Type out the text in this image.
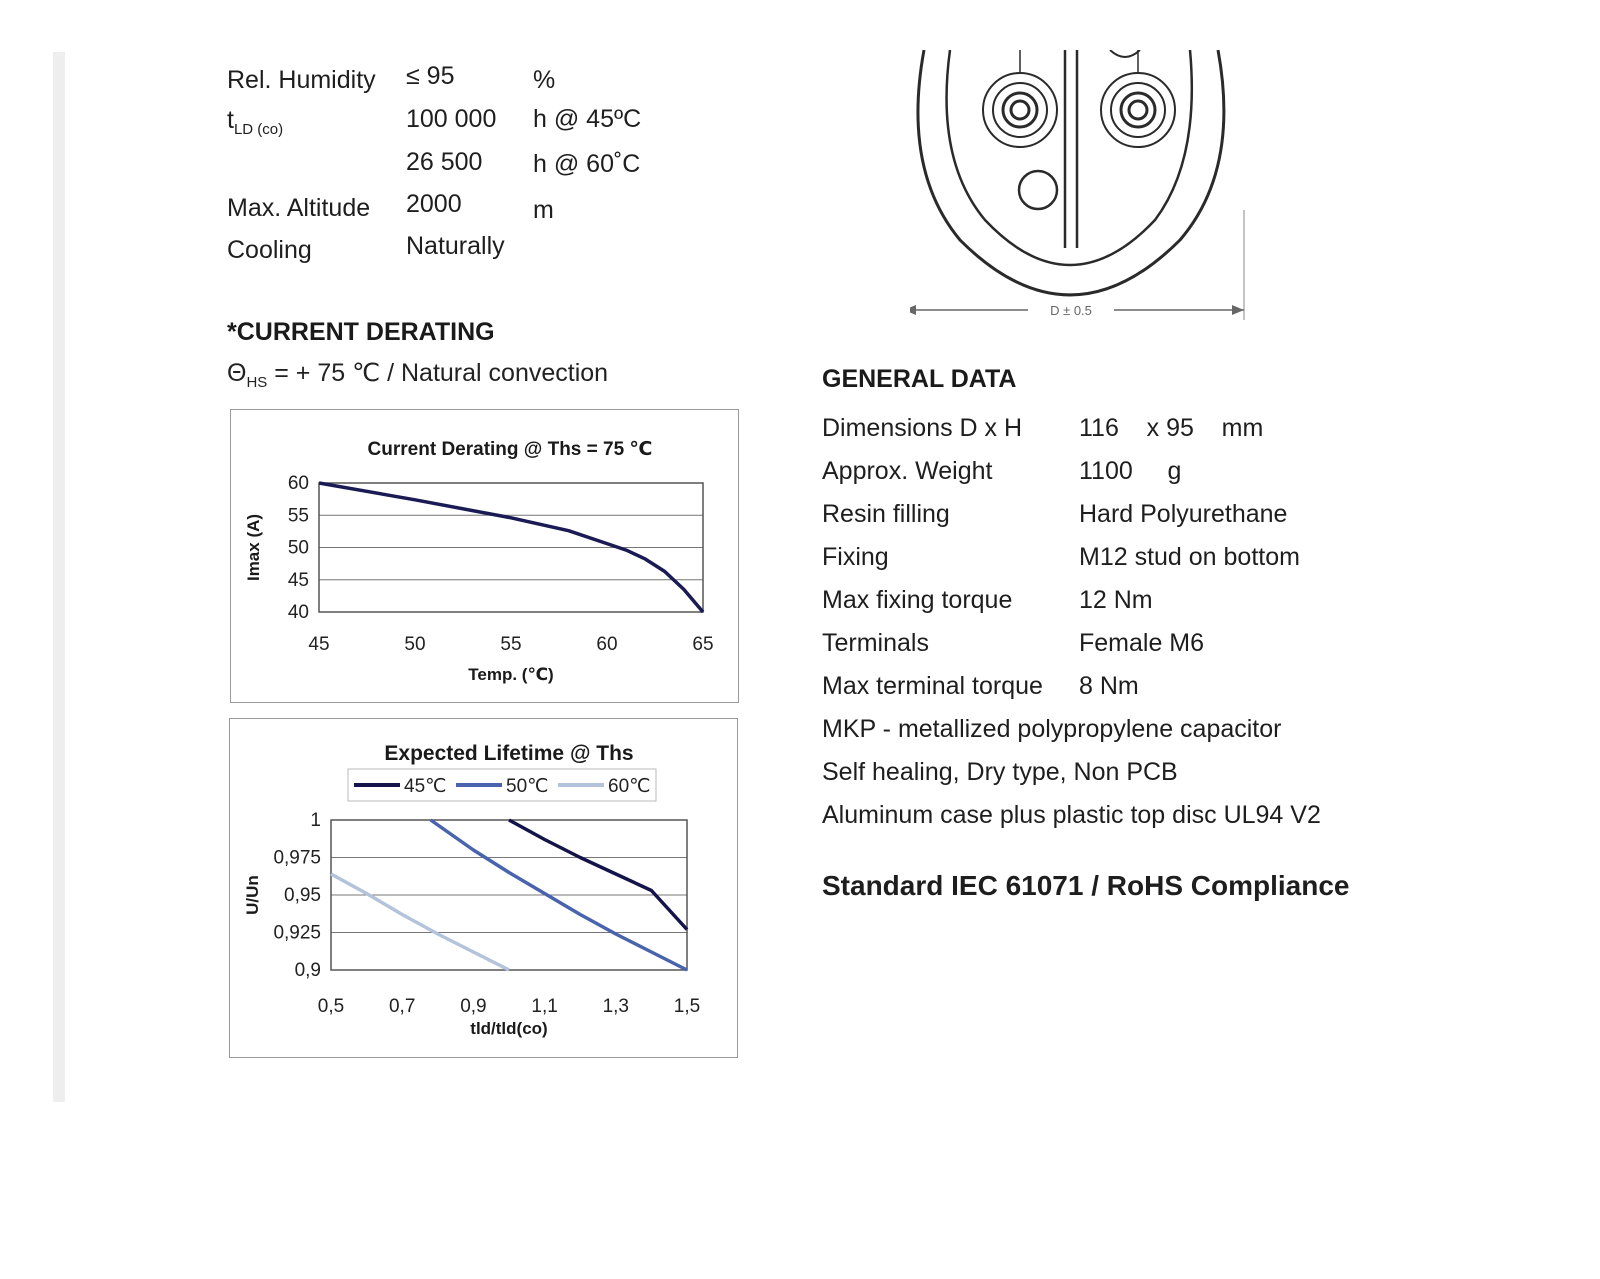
Rel. Humidity ≤ 95	%
$t_{LD (co)}$	100 000 h @ 45ºC
26 500 h @ 60˚C
Max. Altitude 2000	m
Cooling	Naturally
*CURRENT DERATING
$\Theta_{HS}$ = + 75 ℃ / Natural convection
Current Derating @ Ths = 75 ℃
60
55
50
45
40
45	50	55	60	65
Temp. (℃)
Imax (A)
Expected Lifetime @ Ths
1
0,975
0,95
0,925
0,9
0,5 0,7 0,9 1,1 1,3 1,5
tld/tld(co)
U/Un
45℃	50℃	60℃
D ± 0.5
GENERAL DATA
Dimensions D x H 116    x 95    mm
Approx. Weight	1100     g
Resin filling	Hard Polyurethane
Fixing	M12 stud on bottom
Max fixing torque	12 Nm
Terminals	Female M6
Max terminal torque 8 Nm
MKP - metallized polypropylene capacitor
Self healing, Dry type, Non PCB
Aluminum case plus plastic top disc UL94 V2
Standard IEC 61071 / RoHS Compliance
